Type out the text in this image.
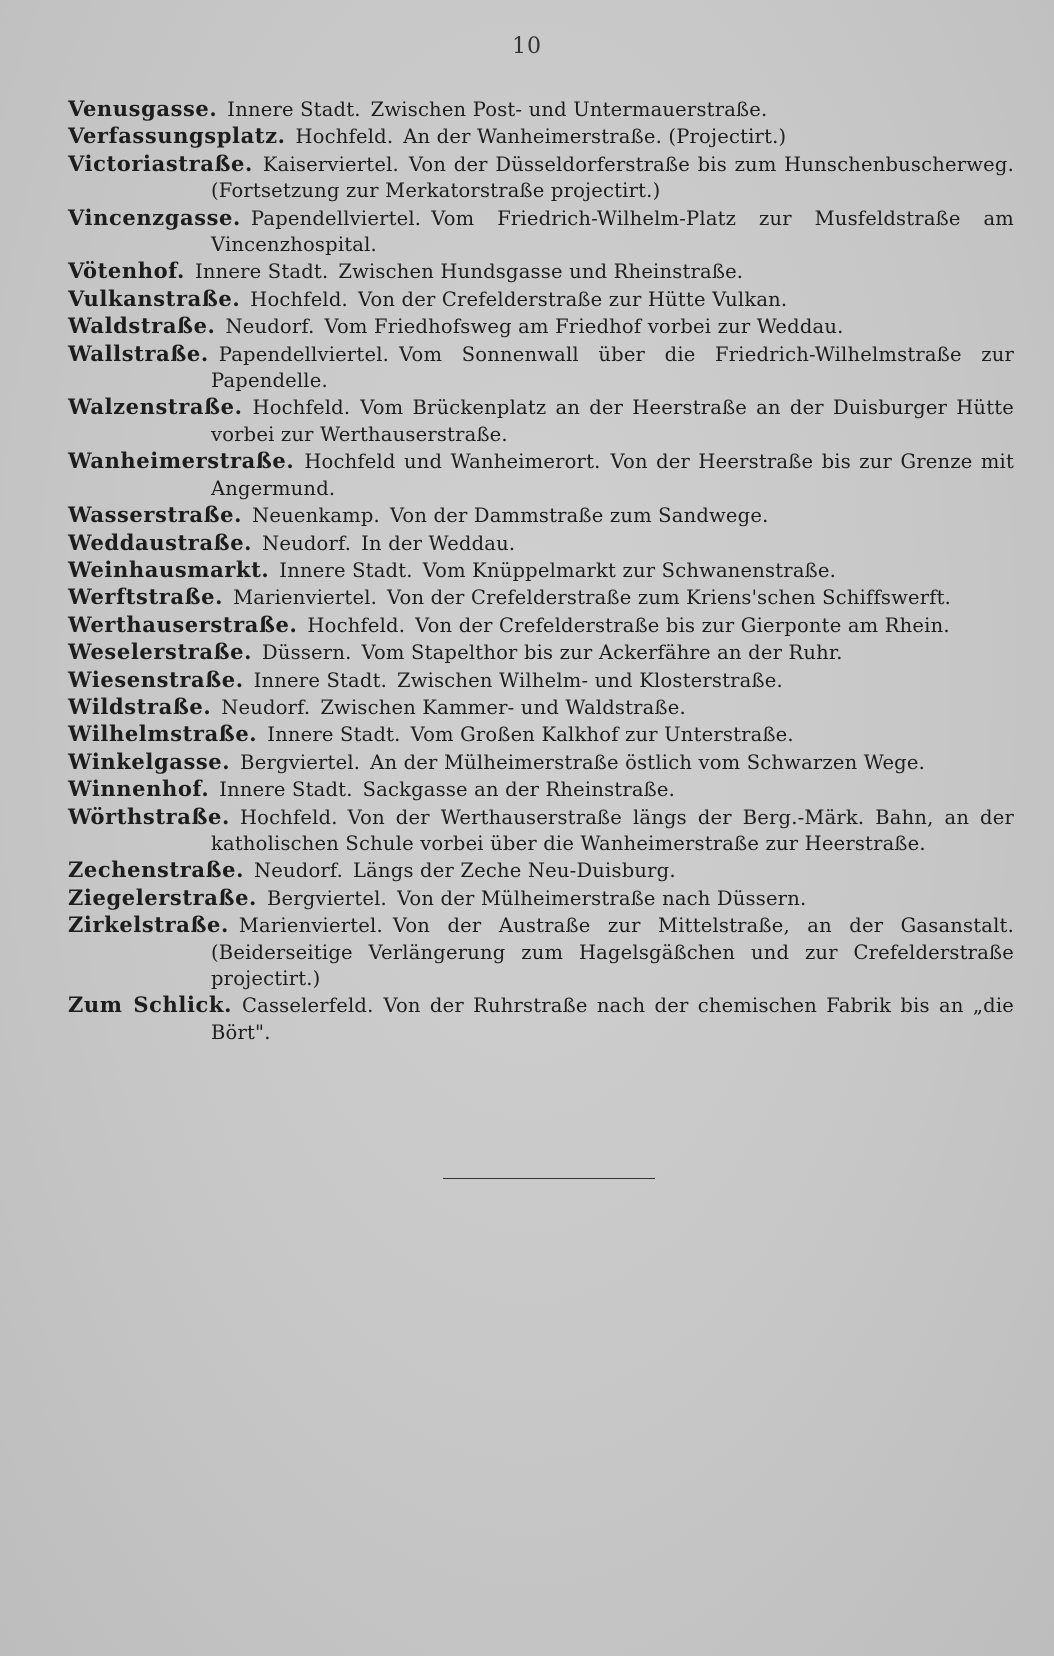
10
Venusgasse. Innere Stadt. Zwischen Post- und Untermauerstraße.
Verfassungsplatz. Hochfeld. An der Wanheimerstraße. (Projectirt.)
Victoriastraße. Kaiserviertel. Von der Düsseldorferstraße bis zum Hunschenbuscherweg. (Fortsetzung zur Merkatorstraße projectirt.)
Vincenzgasse. Papendellviertel. Vom Friedrich-Wilhelm-Platz zur Musfeldstraße am Vincenzhospital.
Vötenhof. Innere Stadt. Zwischen Hundsgasse und Rheinstraße.
Vulkanstraße. Hochfeld. Von der Crefelderstraße zur Hütte Vulkan.
Waldstraße. Neudorf. Vom Friedhofsweg am Friedhof vorbei zur Weddau.
Wallstraße. Papendellviertel. Vom Sonnenwall über die Friedrich-Wilhelmstraße zur Papendelle.
Walzenstraße. Hochfeld. Vom Brückenplatz an der Heerstraße an der Duisburger Hütte vorbei zur Werthauserstraße.
Wanheimerstraße. Hochfeld und Wanheimerort. Von der Heerstraße bis zur Grenze mit Angermund.
Wasserstraße. Neuenkamp. Von der Dammstraße zum Sandwege.
Weddaustraße. Neudorf. In der Weddau.
Weinhausmarkt. Innere Stadt. Vom Knüppelmarkt zur Schwanenstraße.
Werftstraße. Marienviertel. Von der Crefelderstraße zum Kriens'schen Schiffswerft.
Werthauserstraße. Hochfeld. Von der Crefelderstraße bis zur Gierponte am Rhein.
Weselerstraße. Düssern. Vom Stapelthor bis zur Ackerfähre an der Ruhr.
Wiesenstraße. Innere Stadt. Zwischen Wilhelm- und Klosterstraße.
Wildstraße. Neudorf. Zwischen Kammer- und Waldstraße.
Wilhelmstraße. Innere Stadt. Vom Großen Kalkhof zur Unterstraße.
Winkelgasse. Bergviertel. An der Mülheimerstraße östlich vom Schwarzen Wege.
Winnenhof. Innere Stadt. Sackgasse an der Rheinstraße.
Wörthstraße. Hochfeld. Von der Werthauserstraße längs der Berg.-Märk. Bahn, an der katholischen Schule vorbei über die Wanheimerstraße zur Heerstraße.
Zechenstraße. Neudorf. Längs der Zeche Neu-Duisburg.
Ziegelerstraße. Bergviertel. Von der Mülheimerstraße nach Düssern.
Zirkelstraße. Marienviertel. Von der Austraße zur Mittelstraße, an der Gasanstalt. (Beiderseitige Verlängerung zum Hagelsgäßchen und zur Crefelderstraße projectirt.)
Zum Schlick. Casselerfeld. Von der Ruhrstraße nach der chemischen Fabrik bis an „die Bört".
